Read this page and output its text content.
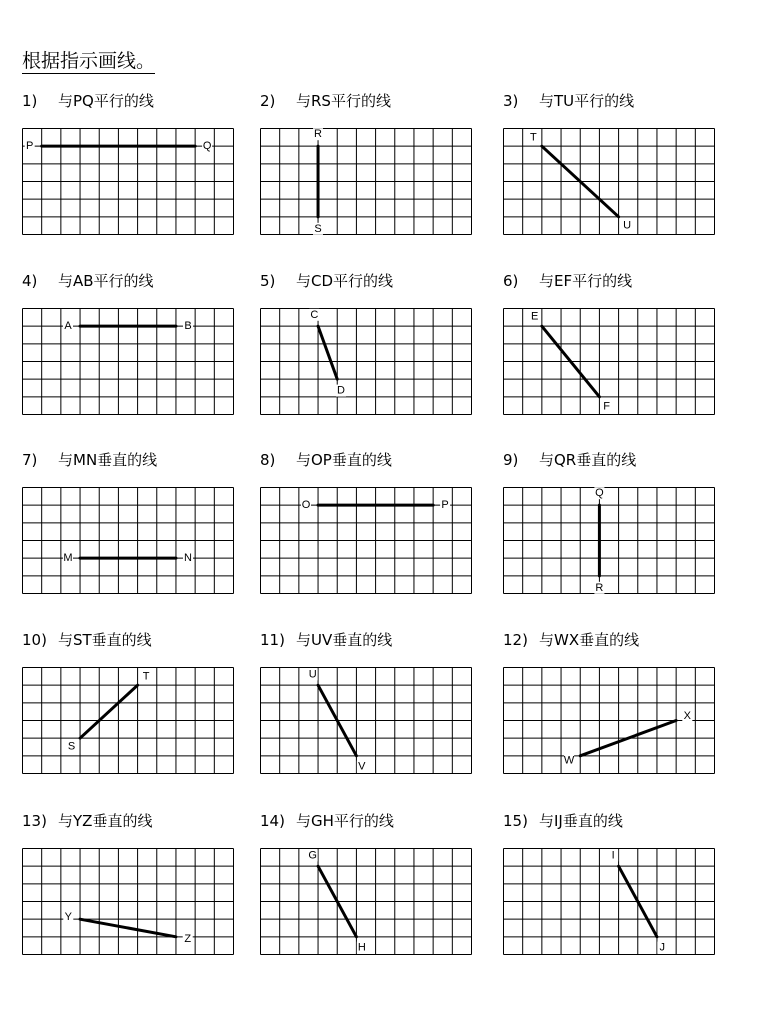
根据指示画线。
1) 与PQ平行的线
P	Q
2) 与RS平行的线
R
S
3) 与TU平行的线
T
U
4) 与AB平行的线
A	B
5) 与CD平行的线
C
D
6) 与EF平行的线
E
F
7) 与MN垂直的线
M	N
8) 与OP垂直的线
O	P
9) 与QR垂直的线
Q
R
10) 与ST垂直的线
S
T
11) 与UV垂直的线
U
V
12) 与WX垂直的线
W
X
13) 与YZ垂直的线
Y
Z
14) 与GH平行的线
G
H
15) 与IJ垂直的线
I
J
